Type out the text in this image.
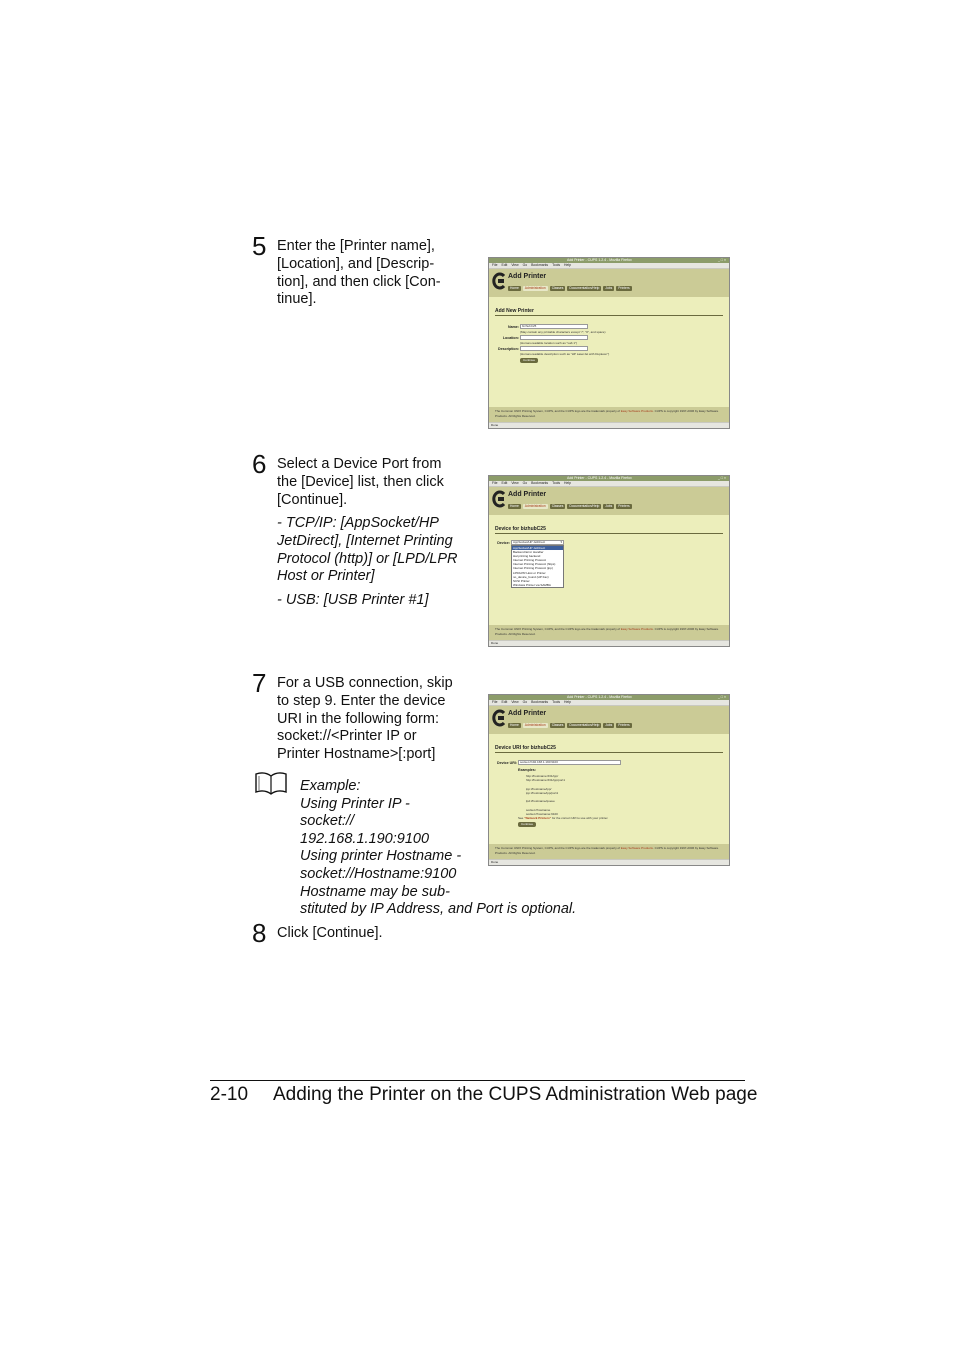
5 Enter the [Printer name],
[Location], and [Descrip-
tion], and then click [Con-
tinue].
6 Select a Device Port from
the [Device] list, then click
[Continue].
- TCP/IP: [AppSocket/HP
JetDirect], [Internet Printing
Protocol (http)] or [LPD/LPR
Host or Printer]
- USB: [USB Printer #1]
7 For a USB connection, skip
to step 9. Enter the device
URI in the following form:
socket://<Printer IP or
Printer Hostname>[:port]
Example:
Using Printer IP -
socket://
192.168.1.190:9100
Using printer Hostname -
socket://Hostname:9100
Hostname may be sub-
stituted by IP Address, and Port is optional.
8 Click [Continue].
Add Printer - CUPS 1.2.4 - Mozilla Firefox	_ □ ×
File Edit View Go Bookmarks Tools Help
Add Printer
Home	Administration	Classes	Documentation/Help	Jobs	Printers
Add New Printer
Name:	bizhubC25
(May contain any printable characters except "/", "#", and space)
Location:
(Human-readable location such as "Lab 1")
Description:
(Human-readable description such as "HP LaserJet with Duplexer")
Continue
The Common UNIX Printing System, CUPS, and the CUPS logo are the trademark property of Easy Software Products. CUPS is copyright 1997-2006 by Easy Software Products. All Rights Reserved.
Done
Add Printer - CUPS 1.2.4 - Mozilla Firefox	_ □ ×
File Edit View Go Bookmarks Tools Help
Add Printer
Home	Administration	Classes	Documentation/Help	Jobs	Printers
Device for bizhubC25
Device:	AppSocket/HP JetDirect	▾
AppSocket/HP JetDirect
Backend Error Handler
Hal printing backend
Internet Printing Protocol
Internet Printing Protocol (https)
Internet Printing Protocol (ipp)
LPD/LPR Host or Printer
no_device_found (HP Fax)
SCSI Printer
Windows Printer via SAMBA
The Common UNIX Printing System, CUPS, and the CUPS logo are the trademark property of Easy Software Products. CUPS is copyright 1997-2006 by Easy Software Products. All Rights Reserved.
Done
Add Printer - CUPS 1.2.4 - Mozilla Firefox	_ □ ×
File Edit View Go Bookmarks Tools Help
Add Printer
Home	Administration	Classes	Documentation/Help	Jobs	Printers
Device URI for bizhubC25
Device URI:	socket://192.168.1.190:9100
Examples:
http://hostname:631/ipp/
http://hostname:631/ipp/port1

ipp://hostname/ipp/
ipp://hostname/ipp/port1

lpd://hostname/queue

socket://hostname
socket://hostname:9100
See "Network Printers" for the correct URI to use with your printer.
Continue
The Common UNIX Printing System, CUPS, and the CUPS logo are the trademark property of Easy Software Products. CUPS is copyright 1997-2006 by Easy Software Products. All Rights Reserved.
Done
2-10 Adding the Printer on the CUPS Administration Web page
